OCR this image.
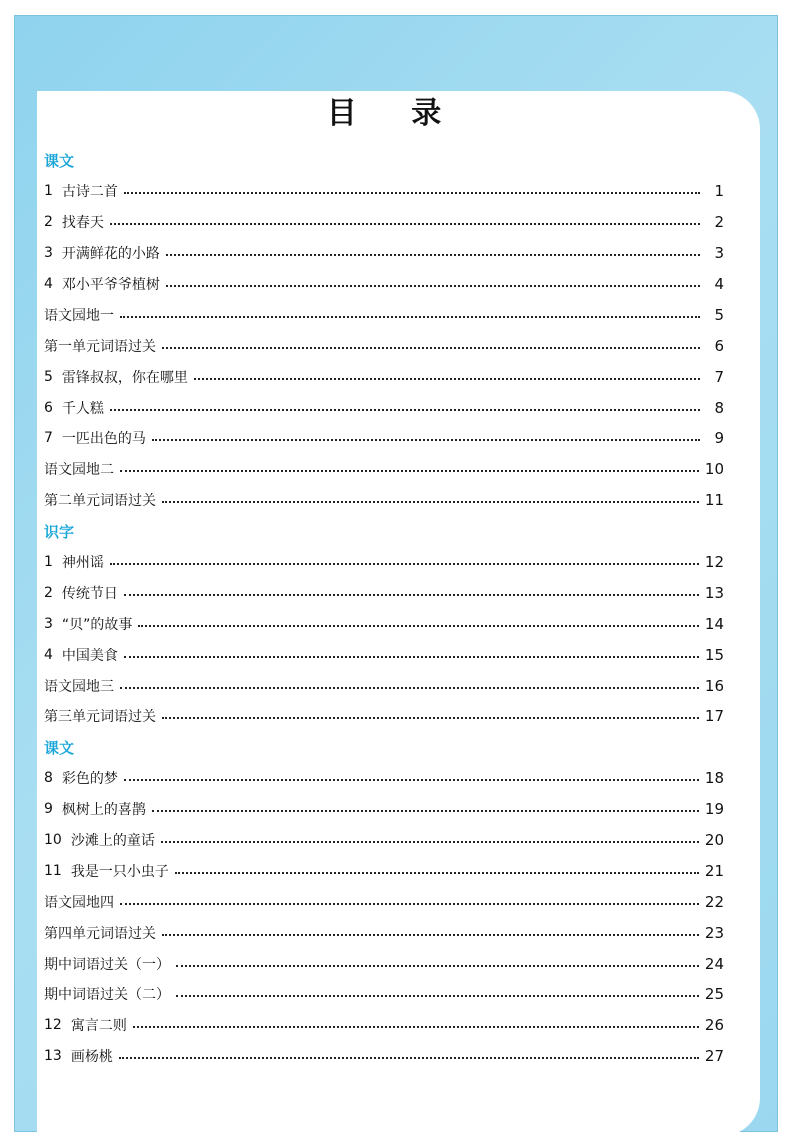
目 录
课文
1 古诗二首	1
2 找春天	2
3 开满鲜花的小路	3
4 邓小平爷爷植树	4
语文园地一	5
第一单元词语过关	6
5 雷锋叔叔，你在哪里	7
6 千人糕	8
7 一匹出色的马	9
语文园地二	10
第二单元词语过关	11
识字
1 神州谣	12
2 传统节日	13
3 “贝”的故事	14
4 中国美食	15
语文园地三	16
第三单元词语过关	17
课文
8 彩色的梦	18
9 枫树上的喜鹊	19
10 沙滩上的童话	20
11 我是一只小虫子	21
语文园地四	22
第四单元词语过关	23
期中词语过关（一）	24
期中词语过关（二）	25
12 寓言二则	26
13 画杨桃	27
